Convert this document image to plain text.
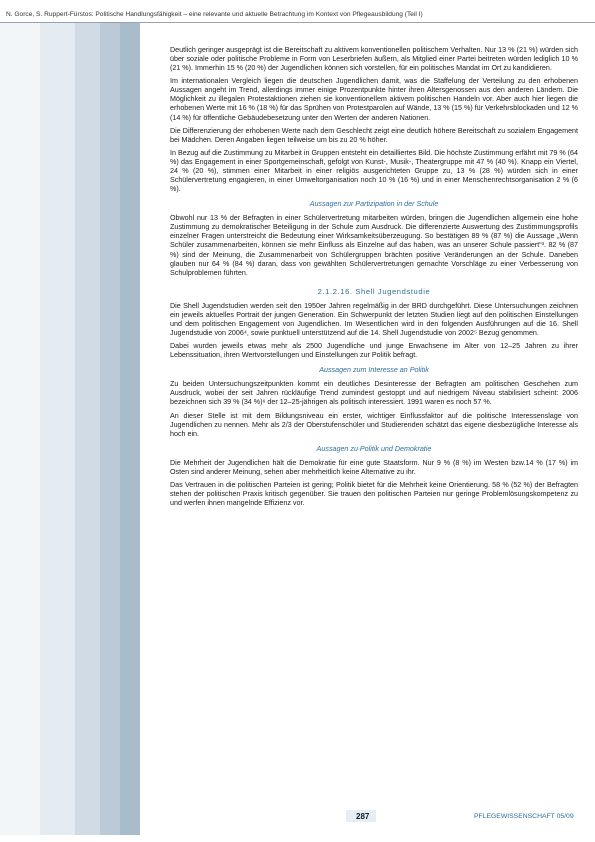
N. Gorce, S. Ruppert-Fürstos: Politische Handlungsfähigkeit – eine relevante und aktuelle Betrachtung im Kontext von Pflegeausbildung (Teil I)

Deutlich geringer ausgeprägt ist die Bereitschaft zu aktivem konventionellen politischem Verhalten. Nur 13 % (21 %) würden sich über soziale oder politische Probleme in Form von Leserbriefen äußern, als Mitglied einer Partei beitreten würden lediglich 10 % (21 %). Immerhin 15 % (20 %) der Jugendlichen können sich vorstellen, für ein politisches Mandat im Ort zu kandidieren.

Im internationalen Vergleich liegen die deutschen Jugendlichen damit, was die Staffelung der Verteilung zu den erhobenen Aussagen angeht im Trend, allerdings immer einige Prozentpunkte hinter ihren Altersgenossen aus den anderen Ländern. Die Möglichkeit zu illegalen Protestaktionen ziehen sie konventionellem aktivem politischen Handeln vor. Aber auch hier liegen die erhobenen Werte mit 16 % (18 %) für das Sprühen von Protestparolen auf Wände, 13 % (15 %) für Verkehrsblockaden und 12 % (14 %) für öffentliche Gebäudebesetzung unter den Werten der anderen Nationen.

Die Differenzierung der erhobenen Werte nach dem Geschlecht zeigt eine deutlich höhere Bereitschaft zu sozialem Engagement bei Mädchen. Deren Angaben liegen teilweise um bis zu 20 % höher.

In Bezug auf die Zustimmung zu Mitarbeit in Gruppen entsteht ein detailliertes Bild. Die höchste Zustimmung erfährt mit 79 % (64 %) das Engagement in einer Sportgemeinschaft, gefolgt von Kunst-, Musik-, Theatergruppe mit 47 % (40 %). Knapp ein Viertel, 24 % (20 %), stimmen einer Mitarbeit in einer religiös ausgerichteten Gruppe zu, 13 % (28 %) würden sich in einer Schülervertretung engagieren, in einer Umweltorganisation noch 10 % (16 %) und in einer Menschenrechtsorganisation 2 % (6 %).

Aussagen zur Partizipation in der Schule

Obwohl nur 13 % der Befragten in einer Schülervertretung mitarbeiten würden, bringen die Jugendlichen allgemein eine hohe Zustimmung zu demokratischer Beteiligung in der Schule zum Ausdruck. Die differenzierte Auswertung des Zustimmungsprofils einzelner Fragen unterstreicht die Bedeutung einer Wirksamkeitsüberzeugung. So bestätigen 89 % (87 %) die Aussage „Wenn Schüler zusammenarbeiten, können sie mehr Einfluss als Einzelne auf das haben, was an unserer Schule passiert“³. 82 % (87 %) sind der Meinung, die Zusammenarbeit von Schülergruppen brächten positive Veränderungen an der Schule. Daneben glauben nur 64 % (84 %) daran, dass von gewählten Schülervertretungen gemachte Vorschläge zu einer Verbesserung von Schulproblemen führten.

2.1.2.16. Shell Jugendstudie

Die Shell Jugendstudien werden seit den 1950er Jahren regelmäßig in der BRD durchgeführt. Diese Untersuchungen zeichnen ein jeweils aktuelles Portrait der jungen Generation. Ein Schwerpunkt der letzten Studien liegt auf den politischen Einstellungen und dem politischen Engagement von Jugendlichen. Im Wesentlichen wird in den folgenden Ausführungen auf die 16. Shell Jugendstudie von 2006⁴, sowie punktuell unterstützend auf die 14. Shell Jugendstudie von 2002⁵ Bezug genommen.

Dabei wurden jeweils etwas mehr als 2500 Jugendliche und junge Erwachsene im Alter von 12–25 Jahren zu ihrer Lebenssituation, ihren Wertvorstellungen und Einstellungen zur Politik befragt.

Aussagen zum Interesse an Politik

Zu beiden Untersuchungszeitpunkten kommt ein deutliches Desinteresse der Befragten am politischen Geschehen zum Ausdruck, wobei der seit Jahren rückläufige Trend zumindest gestoppt und auf niedrigem Niveau stabilisiert scheint: 2006 bezeichnen sich 39 % (34 %)⁶ der 12–25-jährigen als politisch interessiert. 1991 waren es noch 57 %.

An dieser Stelle ist mit dem Bildungsniveau ein erster, wichtiger Einflussfaktor auf die politische Interessenslage von Jugendlichen zu nennen. Mehr als 2/3 der Oberstufenschüler und Studierenden schätzt das eigene diesbezügliche Interesse als hoch ein.

Aussagen zu Politik und Demokratie

Die Mehrheit der Jugendlichen hält die Demokratie für eine gute Staatsform. Nur 9 % (8 %) im Westen bzw.14 % (17 %) im Osten sind anderer Meinung, sehen aber mehrheitlich keine Alternative zu ihr.

Das Vertrauen in die politischen Parteien ist gering; Politik bietet für die Mehrheit keine Orientierung. 58 % (52 %) der Befragten stehen der politischen Praxis kritisch gegenüber. Sie trauen den politischen Parteien nur geringe Problemlösungskompetenz zu und werfen ihnen mangelnde Effizienz vor.

287	PFLEGEWISSENSCHAFT 05/09
